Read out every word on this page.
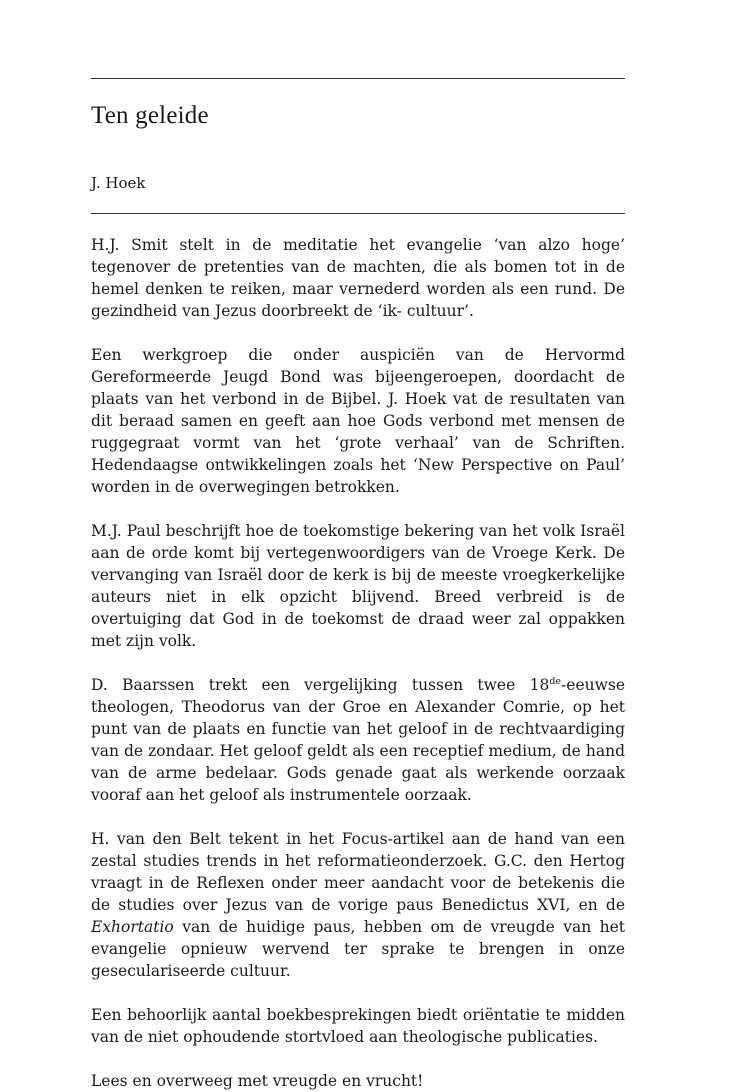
Ten geleide

J. Hoek

H.J. Smit stelt in de meditatie het evangelie ‘van alzo hoge’ tegenover de pretenties van de machten, die als bomen tot in de hemel denken te reiken, maar vernederd worden als een rund. De gezindheid van Jezus doorbreekt de ‘ik- cultuur’.

Een werkgroep die onder auspiciën van de Hervormd Gereformeerde Jeugd Bond was bijeengeroepen, doordacht de plaats van het verbond in de Bijbel. J. Hoek vat de resultaten van dit beraad samen en geeft aan hoe Gods verbond met mensen de ruggegraat vormt van het ‘grote verhaal’ van de Schriften. Hedendaagse ontwikkelingen zoals het ‘New Perspective on Paul’ worden in de overwegingen betrokken.

M.J. Paul beschrijft hoe de toekomstige bekering van het volk Israël aan de orde komt bij vertegenwoordigers van de Vroege Kerk. De vervanging van Israël door de kerk is bij de meeste vroegkerkelijke auteurs niet in elk opzicht blijvend. Breed verbreid is de overtuiging dat God in de toekomst de draad weer zal oppakken met zijn volk.

D. Baarssen trekt een vergelijking tussen twee 18de-eeuwse theologen, Theodorus van der Groe en Alexander Comrie, op het punt van de plaats en functie van het geloof in de rechtvaardiging van de zondaar. Het geloof geldt als een receptief medium, de hand van de arme bedelaar. Gods genade gaat als werkende oorzaak vooraf aan het geloof als instrumentele oorzaak.

H. van den Belt tekent in het Focus-artikel aan de hand van een zestal studies trends in het reformatieonderzoek. G.C. den Hertog vraagt in de Reflexen onder meer aandacht voor de betekenis die de studies over Jezus van de vorige paus Benedictus XVI, en de Exhortatio van de huidige paus, hebben om de vreugde van het evangelie opnieuw wervend ter sprake te brengen in onze geseculariseerde cultuur.

Een behoorlijk aantal boekbesprekingen biedt oriëntatie te midden van de niet ophoudende stortvloed aan theologische publicaties.

Lees en overweeg met vreugde en vrucht!
